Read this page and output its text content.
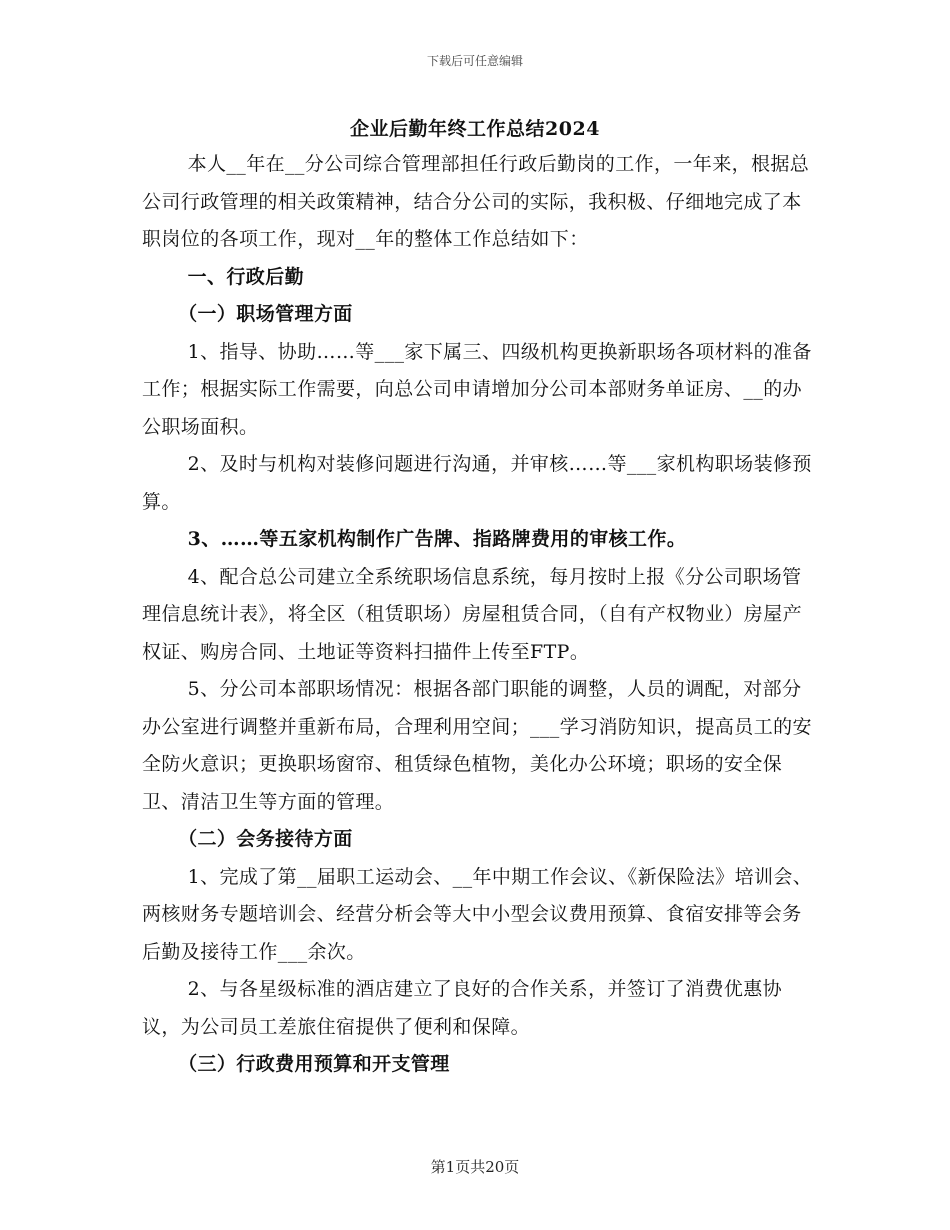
下载后可任意编辑
企业后勤年终工作总结2024

本人__年在__分公司综合管理部担任行政后勤岗的工作，一年来，根据总公司行政管理的相关政策精神，结合分公司的实际，我积极、仔细地完成了本职岗位的各项工作，现对__年的整体工作总结如下：

一、行政后勤

（一）职场管理方面

1、指导、协助……等___家下属三、四级机构更换新职场各项材料的准备工作；根据实际工作需要，向总公司申请增加分公司本部财务单证房、__的办公职场面积。

2、及时与机构对装修问题进行沟通，并审核……等___家机构职场装修预算。

3、……等五家机构制作广告牌、指路牌费用的审核工作。

4、配合总公司建立全系统职场信息系统，每月按时上报《分公司职场管理信息统计表》，将全区（租赁职场）房屋租赁合同，（自有产权物业）房屋产权证、购房合同、土地证等资料扫描件上传至FTP。

5、分公司本部职场情况：根据各部门职能的调整，人员的调配，对部分办公室进行调整并重新布局，合理利用空间；___学习消防知识，提高员工的安全防火意识；更换职场窗帘、租赁绿色植物，美化办公环境；职场的安全保卫、清洁卫生等方面的管理。

（二）会务接待方面

1、完成了第__届职工运动会、__年中期工作会议、《新保险法》培训会、两核财务专题培训会、经营分析会等大中小型会议费用预算、食宿安排等会务后勤及接待工作___余次。

2、与各星级标准的酒店建立了良好的合作关系，并签订了消费优惠协议，为公司员工差旅住宿提供了便利和保障。

（三）行政费用预算和开支管理

第1页共20页
